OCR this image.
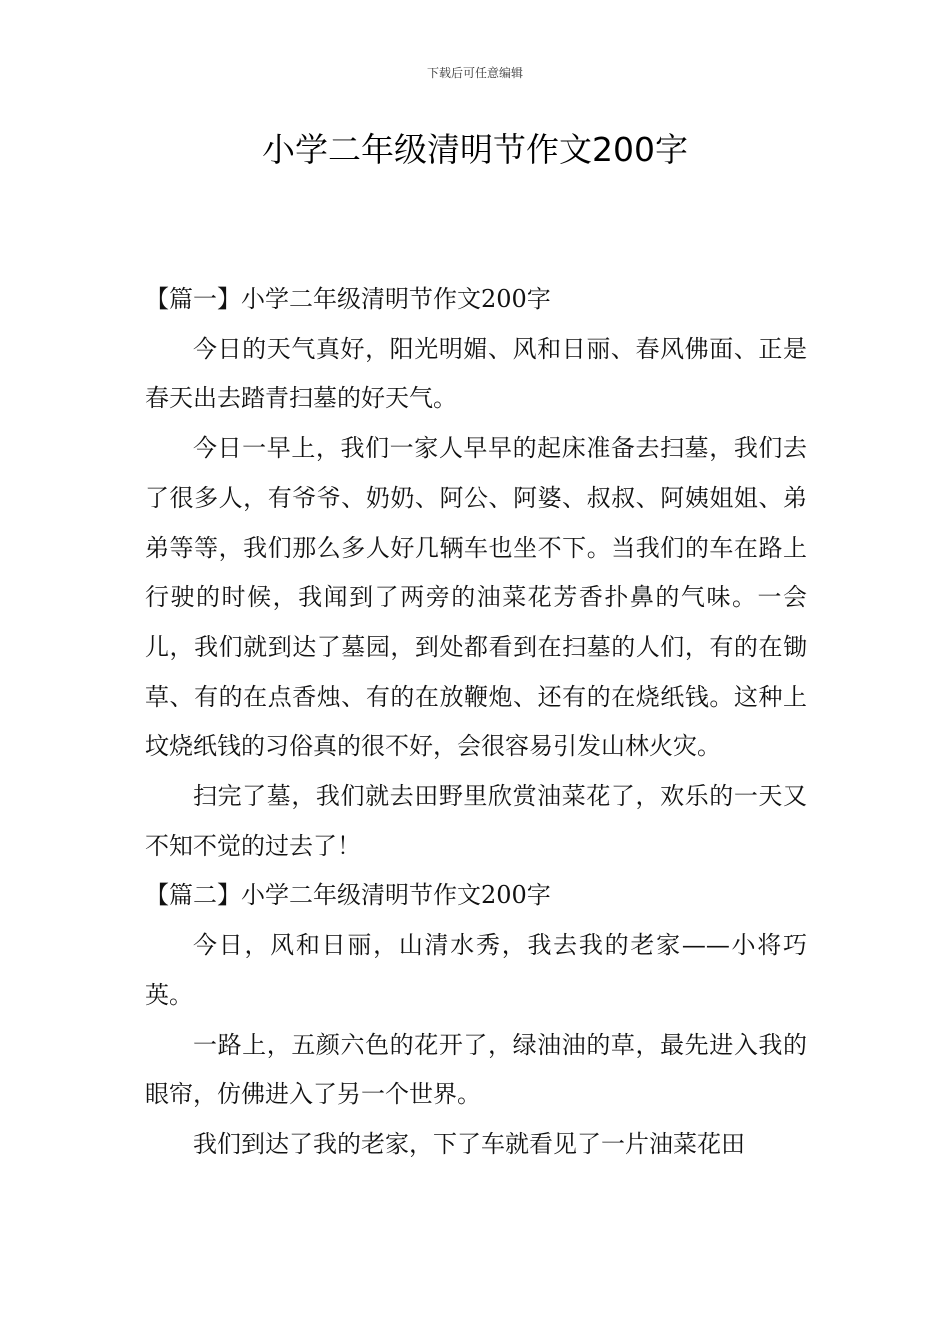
下载后可任意编辑
小学二年级清明节作文200字

【篇一】小学二年级清明节作文200字

今日的天气真好，阳光明媚、风和日丽、春风佛面、正是春天出去踏青扫墓的好天气。

今日一早上，我们一家人早早的起床准备去扫墓，我们去了很多人，有爷爷、奶奶、阿公、阿婆、叔叔、阿姨姐姐、弟弟等等，我们那么多人好几辆车也坐不下。当我们的车在路上行驶的时候，我闻到了两旁的油菜花芳香扑鼻的气味。一会儿，我们就到达了墓园，到处都看到在扫墓的人们，有的在锄草、有的在点香烛、有的在放鞭炮、还有的在烧纸钱。这种上坟烧纸钱的习俗真的很不好，会很容易引发山林火灾。

扫完了墓，我们就去田野里欣赏油菜花了，欢乐的一天又不知不觉的过去了！

【篇二】小学二年级清明节作文200字

今日，风和日丽，山清水秀，我去我的老家——小将巧英。

一路上，五颜六色的花开了，绿油油的草，最先进入我的眼帘，仿佛进入了另一个世界。

我们到达了我的老家，下了车就看见了一片油菜花田
